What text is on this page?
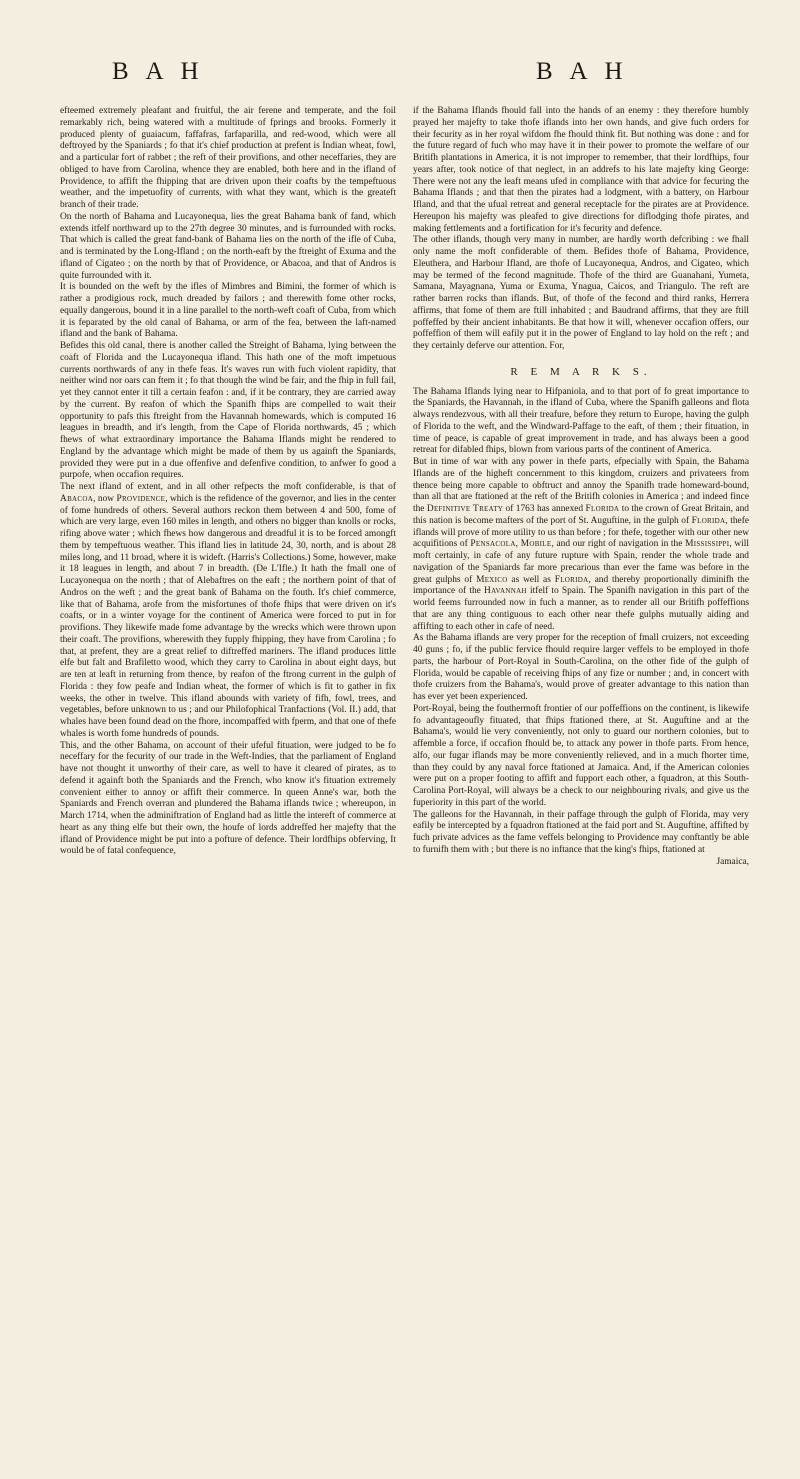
B A H	B A H

efteemed extremely pleafant and fruitful, the air ferene and temperate, and the foil remarkably rich, being watered with a multitude of fprings and brooks. Formerly it produced plenty of guaiacum, faffafras, farfaparilla, and red-wood, which were all deftroyed by the Spaniards ; fo that it's chief production at prefent is Indian wheat, fowl, and a particular fort of rabbet ; the reft of their provifions, and other neceffaries, they are obliged to have from Carolina, whence they are enabled, both here and in the ifland of Providence, to affift the fhipping that are driven upon their coafts by the tempeftuous weather, and the impetuofity of currents, with what they want, which is the greateft branch of their trade.

On the north of Bahama and Lucayonequa, lies the great Bahama bank of fand, which extends itfelf northward up to the 27th degree 30 minutes, and is furrounded with rocks. That which is called the great fand-bank of Bahama lies on the north of the ifle of Cuba, and is terminated by the Long-Ifland ; on the north-eaft by the ftreight of Exuma and the ifland of Cigateo ; on the north by that of Providence, or Abacoa, and that of Andros is quite furrounded with it.

It is bounded on the weft by the ifles of Mimbres and Bimini, the former of which is rather a prodigious rock, much dreaded by failors ; and therewith fome other rocks, equally dangerous, bound it in a line parallel to the north-weft coaft of Cuba, from which it is feparated by the old canal of Bahama, or arm of the fea, between the laft-named ifland and the bank of Bahama.

Befides this old canal, there is another called the Streight of Bahama, lying between the coaft of Florida and the Lucayonequa ifland. This hath one of the moft impetuous currents northwards of any in thefe feas. It's waves run with fuch violent rapidity, that neither wind nor oars can ftem it ; fo that though the wind be fair, and the fhip in full fail, yet they cannot enter it till a certain feafon : and, if it be contrary, they are carried away by the current. By reafon of which the Spanifh fhips are compelled to wait their opportunity to pafs this ftreight from the Havannah homewards, which is computed 16 leagues in breadth, and it's length, from the Cape of Florida northwards, 45 ; which fhews of what extraordinary importance the Bahama Iflands might be rendered to England by the advantage which might be made of them by us againft the Spaniards, provided they were put in a due offenfive and defenfive condition, to anfwer fo good a purpofe, when occafion requires.

The next ifland of extent, and in all other refpects the moft confiderable, is that of Abacoa, now Providence, which is the refidence of the governor, and lies in the center of fome hundreds of others. Several authors reckon them between 4 and 500, fome of which are very large, even 160 miles in length, and others no bigger than knolls or rocks, rifing above water ; which fhews how dangerous and dreadful it is to be forced amongft them by tempeftuous weather. This ifland lies in latitude 24, 30, north, and is about 28 miles long, and 11 broad, where it is wideft. (Harris's Collections.) Some, however, make it 18 leagues in length, and about 7 in breadth. (De L'Ifle.) It hath the fmall one of Lucayonequa on the north ; that of Alebaftres on the eaft ; the northern point of that of Andros on the weft ; and the great bank of Bahama on the fouth. It's chief commerce, like that of Bahama, arofe from the misfortunes of thofe fhips that were driven on it's coafts, or in a winter voyage for the continent of America were forced to put in for provifions. They likewife made fome advantage by the wrecks which were thrown upon their coaft. The provifions, wherewith they fupply fhipping, they have from Carolina ; fo that, at prefent, they are a great relief to diftreffed mariners. The ifland produces little elfe but falt and Brafiletto wood, which they carry to Carolina in about eight days, but are ten at leaft in returning from thence, by reafon of the ftrong current in the gulph of Florida : they fow peafe and Indian wheat, the former of which is fit to gather in fix weeks, the other in twelve. This ifland abounds with variety of fifh, fowl, trees, and vegetables, before unknown to us ; and our Philofophical Tranfactions (Vol. II.) add, that whales have been found dead on the fhore, incompaffed with fperm, and that one of thefe whales is worth fome hundreds of pounds.

This, and the other Bahama, on account of their ufeful fituation, were judged to be fo neceffary for the fecurity of our trade in the Weft-Indies, that the parliament of England have not thought it unworthy of their care, as well to have it cleared of pirates, as to defend it againft both the Spaniards and the French, who know it's fituation extremely convenient either to annoy or affift their commerce. In queen Anne's war, both the Spaniards and French overran and plundered the Bahama iflands twice ; whereupon, in March 1714, when the adminiftration of England had as little the intereft of commerce at heart as any thing elfe but their own, the houfe of lords addreffed her majefty that the ifland of Providence might be put into a pofture of defence. Their lordfhips obferving, It would be of fatal confequence,

if the Bahama Iflands fhould fall into the hands of an enemy : they therefore humbly prayed her majefty to take thofe iflands into her own hands, and give fuch orders for their fecurity as in her royal wifdom fhe fhould think fit. But nothing was done : and for the future regard of fuch who may have it in their power to promote the welfare of our Britifh plantations in America, it is not improper to remember, that their lordfhips, four years after, took notice of that neglect, in an addrefs to his late majefty king George: There were not any the leaft means ufed in compliance with that advice for fecuring the Bahama Iflands ; and that then the pirates had a lodgment, with a battery, on Harbour Ifland, and that the ufual retreat and general receptacle for the pirates are at Providence. Hereupon his majefty was pleafed to give directions for diflodging thofe pirates, and making fettlements and a fortification for it's fecurity and defence.

The other iflands, though very many in number, are hardly worth defcribing : we fhall only name the moft confiderable of them. Befides thofe of Bahama, Providence, Eleuthera, and Harbour Ifland, are thofe of Lucayonequa, Andros, and Cigateo, which may be termed of the fecond magnitude. Thofe of the third are Guanahani, Yumeta, Samana, Mayagnana, Yuma or Exuma, Ynagua, Caicos, and Triangulo. The reft are rather barren rocks than iflands. But, of thofe of the fecond and third ranks, Herrera affirms, that fome of them are ftill inhabited ; and Baudrand affirms, that they are ftill poffeffed by their ancient inhabitants. Be that how it will, whenever occafion offers, our poffeffion of them will eafily put it in the power of England to lay hold on the reft ; and they certainly deferve our attention. For,

R E M A R K S.

The Bahama Iflands lying near to Hifpaniola, and to that port of fo great importance to the Spaniards, the Havannah, in the ifland of Cuba, where the Spanifh galleons and flota always rendezvous, with all their treafure, before they return to Europe, having the gulph of Florida to the weft, and the Windward-Paffage to the eaft, of them ; their fituation, in time of peace, is capable of great improvement in trade, and has always been a good retreat for difabled fhips, blown from various parts of the continent of America.

But in time of war with any power in thefe parts, efpecially with Spain, the Bahama Iflands are of the higheft concernment to this kingdom, cruizers and privateers from thence being more capable to obftruct and annoy the Spanifh trade homeward-bound, than all that are ftationed at the reft of the Britifh colonies in America ; and indeed fince the Definitive Treaty of 1763 has annexed Florida to the crown of Great Britain, and this nation is become mafters of the port of St. Auguftine, in the gulph of Florida, thefe iflands will prove of more utility to us than before ; for thefe, together with our other new acquifitions of Pensacola, Mobile, and our right of navigation in the Mississippi, will moft certainly, in cafe of any future rupture with Spain, render the whole trade and navigation of the Spaniards far more precarious than ever the fame was before in the great gulphs of Mexico as well as Florida, and thereby proportionally diminifh the importance of the Havannah itfelf to Spain. The Spanifh navigation in this part of the world feems furrounded now in fuch a manner, as to render all our Britifh poffeffions that are any thing contiguous to each other near thefe gulphs mutually aiding and affifting to each other in cafe of need.

As the Bahama iflands are very proper for the reception of fmall cruizers, not exceeding 40 guns ; fo, if the public fervice fhould require larger veffels to be employed in thofe parts, the harbour of Port-Royal in South-Carolina, on the other fide of the gulph of Florida, would be capable of receiving fhips of any fize or number ; and, in concert with thofe cruizers from the Bahama's, would prove of greater advantage to this nation than has ever yet been experienced.

Port-Royal, being the fouthermoft frontier of our poffeffions on the continent, is likewife fo advantageoufly fituated, that fhips ftationed there, at St. Auguftine and at the Bahama's, would lie very conveniently, not only to guard our northern colonies, but to affemble a force, if occafion fhould be, to attack any power in thofe parts. From hence, alfo, our fugar iflands may be more conveniently relieved, and in a much fhorter time, than they could by any naval force ftationed at Jamaica. And, if the American colonies were put on a proper footing to affift and fupport each other, a fquadron, at this South-Carolina Port-Royal, will always be a check to our neighbouring rivals, and give us the fuperiority in this part of the world.

The galleons for the Havannah, in their paffage through the gulph of Florida, may very eafily be intercepted by a fquadron ftationed at the faid port and St. Auguftine, affifted by fuch private advices as the fame veffels belonging to Providence may conftantly be able to furnifh them with ; but there is no inftance that the king's fhips, ftationed at

Jamaica,
